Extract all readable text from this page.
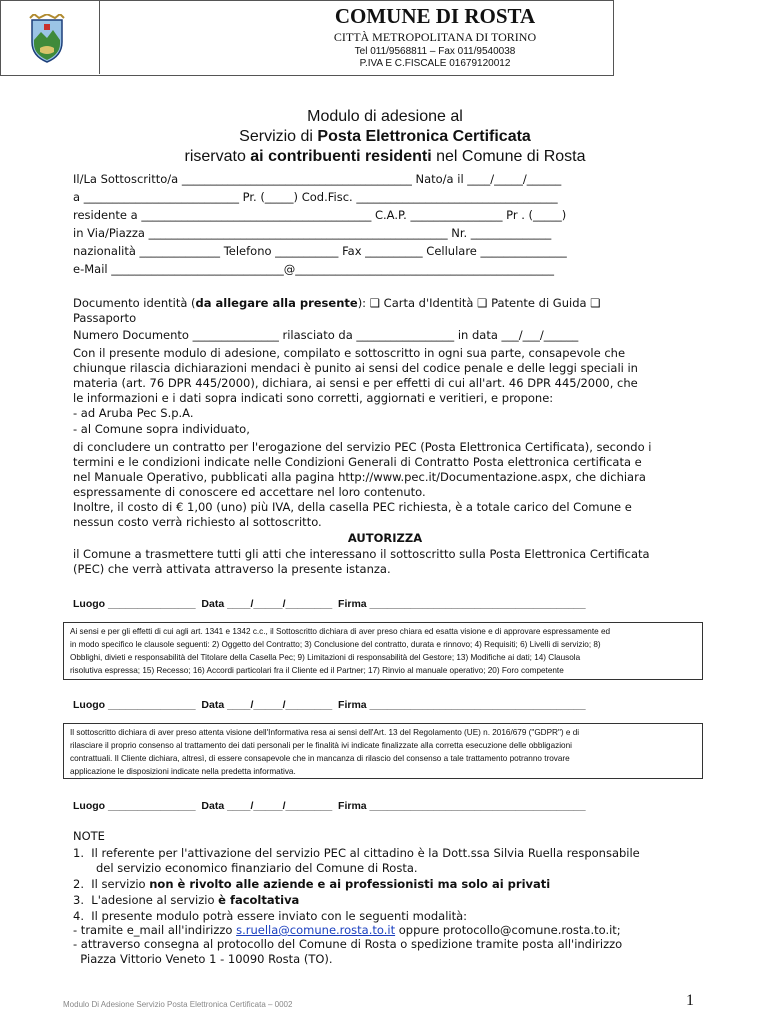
COMUNE DI ROSTA
CITTÀ METROPOLITANA DI TORINO
Tel 011/9568811 – Fax 011/9540038
P.IVA E C.FISCALE 01679120012
Modulo di adesione al
Servizio di Posta Elettronica Certificata
riservato ai contribuenti residenti nel Comune di Rosta
Il/La Sottoscritto/a ________________________________________ Nato/a il ____/_____/______
a ___________________________ Pr. (_____) Cod.Fisc. ___________________________________
residente a ________________________________________ C.A.P. ________________ Pr . (_____)
in Via/Piazza ____________________________________________________ Nr. ______________
nazionalità ______________ Telefono ___________ Fax __________ Cellulare _______________
e-Mail ______________________________@_____________________________________________
Documento identità (da allegare alla presente): ❑ Carta d'Identità ❑ Patente di Guida ❑
Passaporto
Numero Documento _______________ rilasciato da _________________ in data ___/___/______
Con il presente modulo di adesione, compilato e sottoscritto in ogni sua parte, consapevole che
chiunque rilascia dichiarazioni mendaci è punito ai sensi del codice penale e delle leggi speciali in
materia (art. 76 DPR 445/2000), dichiara, ai sensi e per effetti di cui all'art. 46 DPR 445/2000, che
le informazioni e i dati sopra indicati sono corretti, aggiornati e veritieri, e propone:
- ad Aruba Pec S.p.A.
- al Comune sopra individuato,
di concludere un contratto per l'erogazione del servizio PEC (Posta Elettronica Certificata), secondo i
termini e le condizioni indicate nelle Condizioni Generali di Contratto Posta elettronica certificata e
nel Manuale Operativo, pubblicati alla pagina http://www.pec.it/Documentazione.aspx, che dichiara
espressamente di conoscere ed accettare nel loro contenuto.
Inoltre, il costo di € 1,00 (uno) più IVA, della casella PEC richiesta, è a totale carico del Comune e
nessun costo verrà richiesto al sottoscritto.
AUTORIZZA
il Comune a trasmettere tutti gli atti che interessano il sottoscritto sulla Posta Elettronica Certificata
(PEC) che verrà attivata attraverso la presente istanza.
Luogo _______________  Data ____/_____/________  Firma _____________________________________
Ai sensi e per gli effetti di cui agli art. 1341 e 1342 c.c., il Sottoscritto dichiara di aver preso chiara ed esatta visione e di approvare espressamente ed
in modo specifico le clausole seguenti: 2) Oggetto del Contratto; 3) Conclusione del contratto, durata e rinnovo; 4) Requisiti; 6) Livelli di servizio; 8)
Obblighi, divieti e responsabilità del Titolare della Casella Pec; 9) Limitazioni di responsabilità del Gestore; 13) Modifiche ai dati; 14) Clausola
risolutiva espressa; 15) Recesso; 16) Accordi particolari fra il Cliente ed il Partner; 17) Rinvio al manuale operativo; 20) Foro competente
Luogo _______________  Data ____/_____/________  Firma _____________________________________
Il sottoscritto dichiara di aver preso attenta visione dell'Informativa resa ai sensi dell'Art. 13 del Regolamento (UE) n. 2016/679 ("GDPR") e di
rilasciare il proprio consenso al trattamento dei dati personali per le finalità ivi indicate finalizzate alla corretta esecuzione delle obbligazioni
contrattuali. Il Cliente dichiara, altresì, di essere consapevole che in mancanza di rilascio del consenso a tale trattamento potranno trovare
applicazione le disposizioni indicate nella predetta informativa.
Luogo _______________  Data ____/_____/________  Firma _____________________________________
NOTE
1.  Il referente per l'attivazione del servizio PEC al cittadino è la Dott.ssa Silvia Ruella responsabile
del servizio economico finanziario del Comune di Rosta.
2.  Il servizio non è rivolto alle aziende e ai professionisti ma solo ai privati
3.  L'adesione al servizio è facoltativa
4.  Il presente modulo potrà essere inviato con le seguenti modalità:
- tramite e_mail all'indirizzo s.ruella@comune.rosta.to.it oppure protocollo@comune.rosta.to.it;
- attraverso consegna al protocollo del Comune di Rosta o spedizione tramite posta all'indirizzo
Piazza Vittorio Veneto 1 - 10090 Rosta (TO).
Modulo Di Adesione Servizio Posta Elettronica Certificata – 0002	1
